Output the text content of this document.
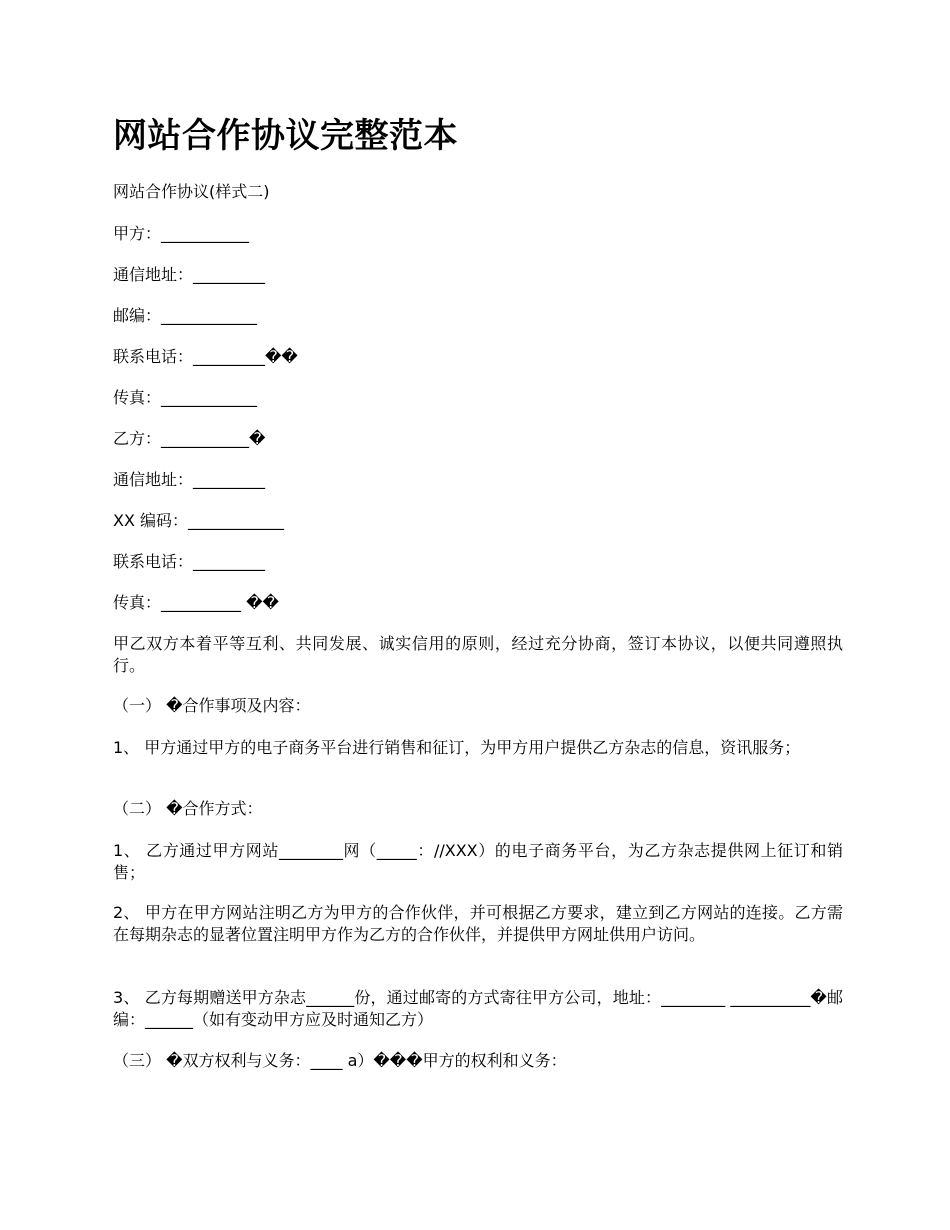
网站合作协议完整范本
网站合作协议(样式二)
甲方：___________
通信地址：_________
邮编：____________
联系电话：_________��
传真：____________
乙方：___________�
通信地址：_________
XX 编码：____________
联系电话：_________
传真：__________ ��
甲乙双方本着平等互利、共同发展、诚实信用的原则，经过充分协商，签订本协议，以便共同遵照执行。
（一） �合作事项及内容：
1、 甲方通过甲方的电子商务平台进行销售和征订，为甲方用户提供乙方杂志的信息，资讯服务；
（二） �合作方式：
1、 乙方通过甲方网站________网（_____：//XXX）的电子商务平台，为乙方杂志提供网上征订和销售；
2、 甲方在甲方网站注明乙方为甲方的合作伙伴，并可根据乙方要求，建立到乙方网站的连接。乙方需在每期杂志的显著位置注明甲方作为乙方的合作伙伴，并提供甲方网址供用户访问。
3、 乙方每期赠送甲方杂志______份，通过邮寄的方式寄往甲方公司，地址：________ __________�邮编：______（如有变动甲方应及时通知乙方）
（三） �双方权利与义务：____ a）���甲方的权利和义务：
